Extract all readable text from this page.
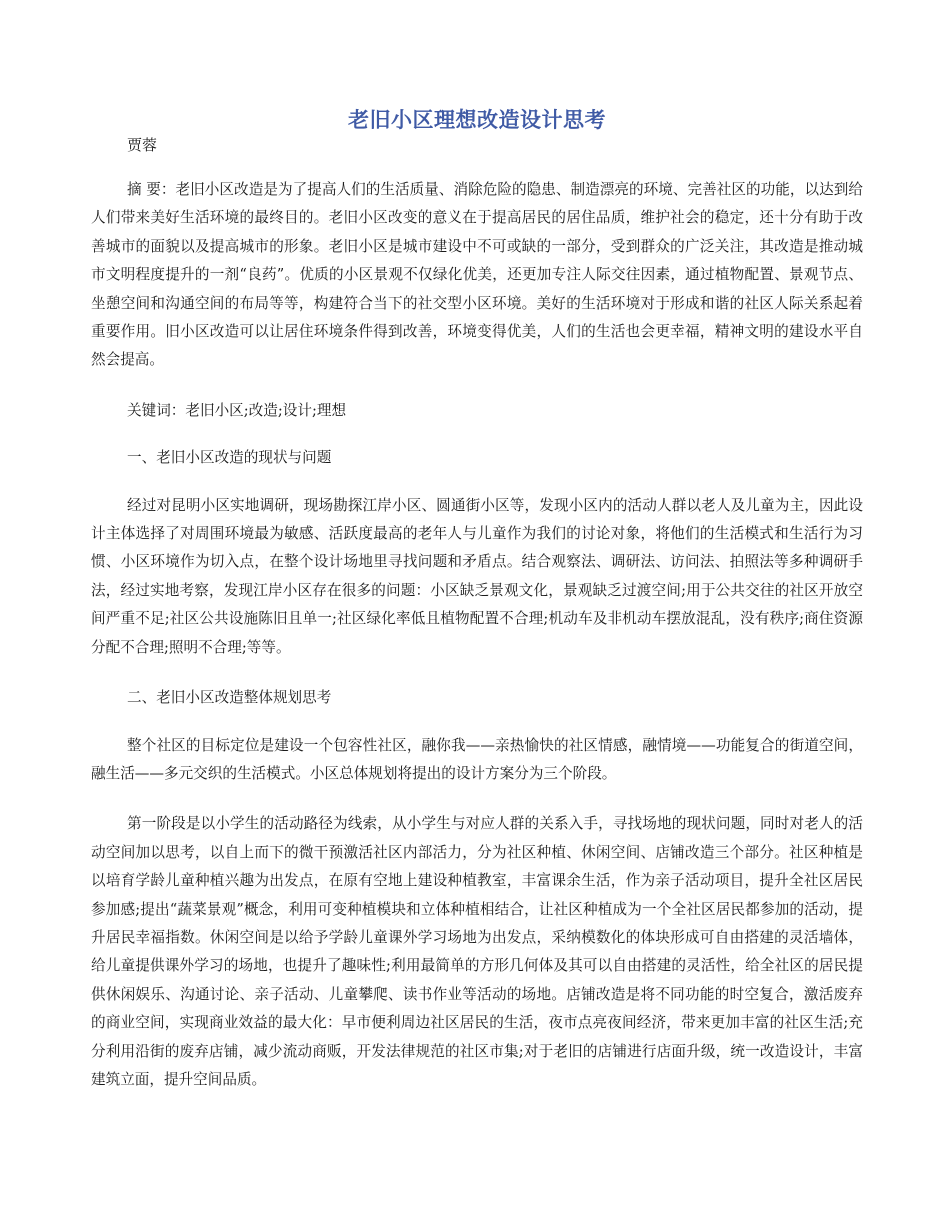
老旧小区理想改造设计思考

贾蓉

摘 要：老旧小区改造是为了提高人们的生活质量、消除危险的隐患、制造漂亮的环境、完善社区的功能，以达到给人们带来美好生活环境的最终目的。老旧小区改变的意义在于提高居民的居住品质，维护社会的稳定，还十分有助于改善城市的面貌以及提高城市的形象。老旧小区是城市建设中不可或缺的一部分，受到群众的广泛关注，其改造是推动城市文明程度提升的一剂“良药”。优质的小区景观不仅绿化优美，还更加专注人际交往因素，通过植物配置、景观节点、坐憩空间和沟通空间的布局等等，构建符合当下的社交型小区环境。美好的生活环境对于形成和谐的社区人际关系起着重要作用。旧小区改造可以让居住环境条件得到改善，环境变得优美，人们的生活也会更幸福，精神文明的建设水平自然会提高。

关键词：老旧小区;改造;设计;理想

一、老旧小区改造的现状与问题

经过对昆明小区实地调研，现场勘探江岸小区、圆通街小区等，发现小区内的活动人群以老人及儿童为主，因此设计主体选择了对周围环境最为敏感、活跃度最高的老年人与儿童作为我们的讨论对象，将他们的生活模式和生活行为习惯、小区环境作为切入点，在整个设计场地里寻找问题和矛盾点。结合观察法、调研法、访问法、拍照法等多种调研手法，经过实地考察，发现江岸小区存在很多的问题：小区缺乏景观文化，景观缺乏过渡空间;用于公共交往的社区开放空间严重不足;社区公共设施陈旧且单一;社区绿化率低且植物配置不合理;机动车及非机动车摆放混乱，没有秩序;商住资源分配不合理;照明不合理;等等。

二、老旧小区改造整体规划思考

整个社区的目标定位是建设一个包容性社区，融你我——亲热愉快的社区情感，融情境——功能复合的街道空间，融生活——多元交织的生活模式。小区总体规划将提出的设计方案分为三个阶段。

第一阶段是以小学生的活动路径为线索，从小学生与对应人群的关系入手，寻找场地的现状问题，同时对老人的活动空间加以思考，以自上而下的微干预激活社区内部活力，分为社区种植、休闲空间、店铺改造三个部分。社区种植是以培育学龄儿童种植兴趣为出发点，在原有空地上建设种植教室，丰富课余生活，作为亲子活动项目，提升全社区居民参加感;提出“蔬菜景观”概念，利用可变种植模块和立体种植相结合，让社区种植成为一个全社区居民都参加的活动，提升居民幸福指数。休闲空间是以给予学龄儿童课外学习场地为出发点，采纳模数化的体块形成可自由搭建的灵活墙体，给儿童提供课外学习的场地，也提升了趣味性;利用最简单的方形几何体及其可以自由搭建的灵活性，给全社区的居民提供休闲娱乐、沟通讨论、亲子活动、儿童攀爬、读书作业等活动的场地。店铺改造是将不同功能的时空复合，激活废弃的商业空间，实现商业效益的最大化：早市便利周边社区居民的生活，夜市点亮夜间经济，带来更加丰富的社区生活;充分利用沿街的废弃店铺，减少流动商贩，开发法律规范的社区市集;对于老旧的店铺进行店面升级，统一改造设计，丰富建筑立面，提升空间品质。
